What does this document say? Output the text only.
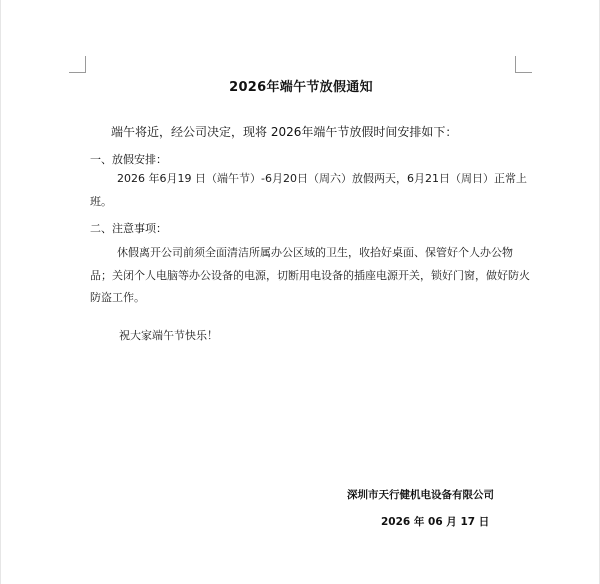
2026年端午节放假通知
端午将近，经公司决定，现将 2026年端午节放假时间安排如下：
一、放假安排：
2026 年6月19 日（端午节）-6月20日（周六）放假两天，6月21日（周日）正常上班。
二、注意事项：
休假离开公司前须全面清洁所属办公区域的卫生，收拾好桌面、保管好个人办公物品；关闭个人电脑等办公设备的电源，切断用电设备的插座电源开关，锁好门窗，做好防火防盗工作。
祝大家端午节快乐！
深圳市天行健机电设备有限公司
2026 年 06 月 17 日
